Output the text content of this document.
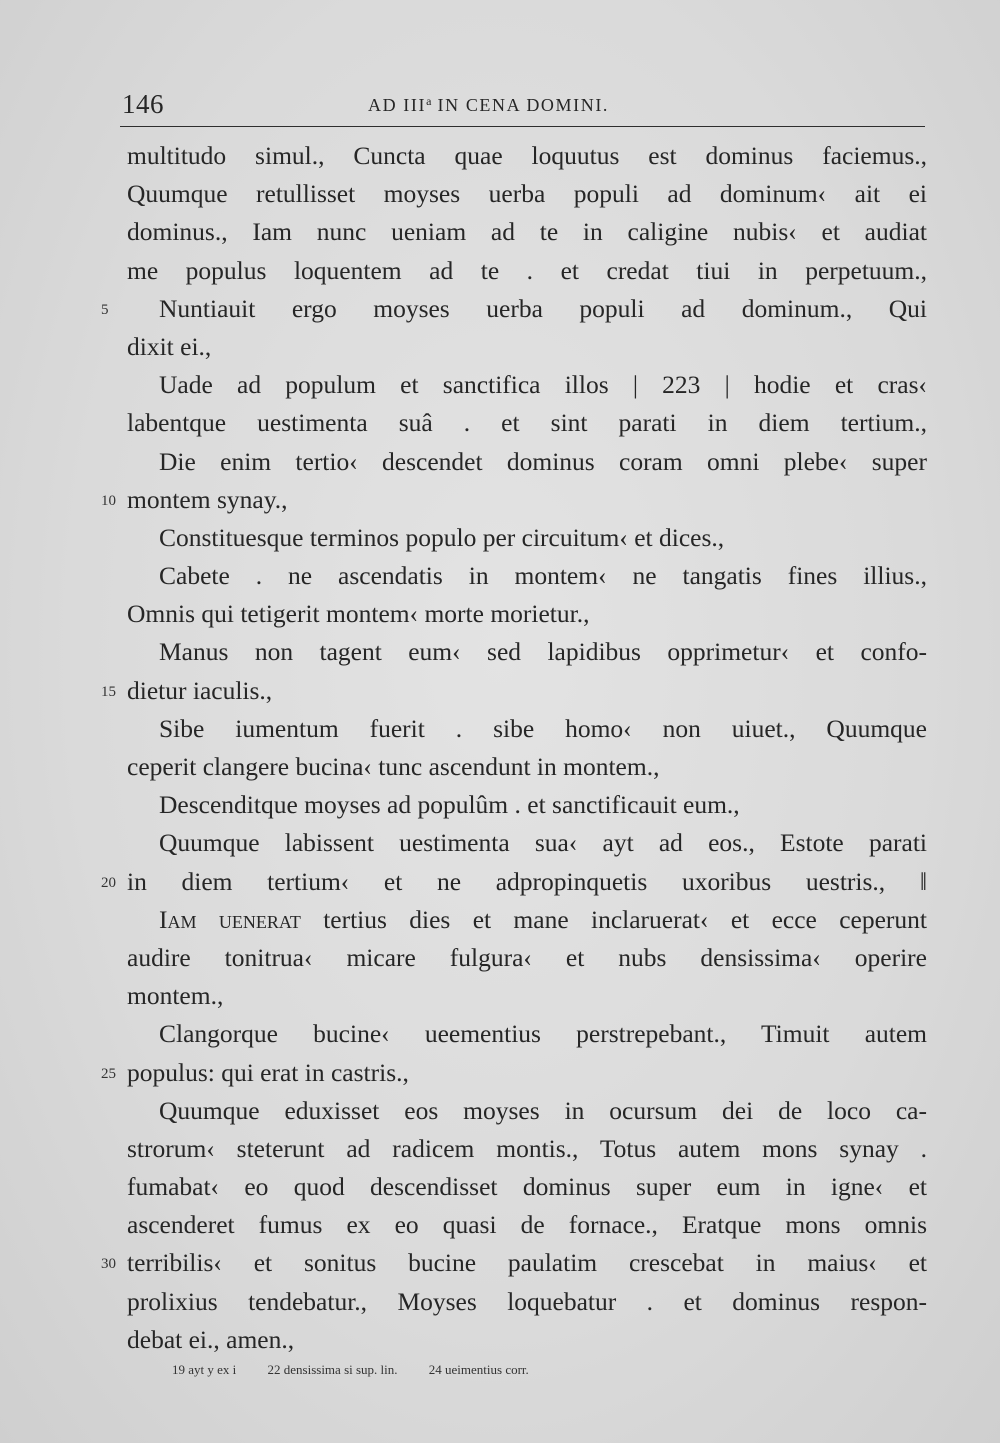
146	AD III$^a$ IN CENA DOMINI.
multitudo simul., Cuncta quae loquutus est dominus faciemus.,
Quumque retullisset moyses uerba populi ad dominum‹ ait ei
dominus., Iam nunc ueniam ad te in caligine nubis‹ et audiat
me populus loquentem ad te . et credat tiui in perpetuum.,
5 Nuntiauit ergo moyses uerba populi ad dominum., Qui
dixit ei.,
Uade ad populum et sanctifica illos | 223 | hodie et cras‹
labentque uestimenta suâ . et sint parati in diem tertium.,
Die enim tertio‹ descendet dominus coram omni plebe‹ super
10 montem synay.,
Constituesque terminos populo per circuitum‹ et dices.,
Cabete . ne ascendatis in montem‹ ne tangatis fines illius.,
Omnis qui tetigerit montem‹ morte morietur.,
Manus non tagent eum‹ sed lapidibus opprimetur‹ et confo-
15 dietur iaculis.,
Sibe iumentum fuerit . sibe homo‹ non uiuet., Quumque
ceperit clangere bucina‹ tunc ascendunt in montem.,
Descenditque moyses ad populûm . et sanctificauit eum.,
Quumque labissent uestimenta sua‹ ayt ad eos., Estote parati
20 in diem tertium‹ et ne adpropinquetis uxoribus uestris., ‖
Iam uenerat tertius dies et mane inclaruerat‹ et ecce ceperunt
audire tonitrua‹ micare fulgura‹ et nubs densissima‹ operire
montem.,
Clangorque bucine‹ ueementius perstrepebant., Timuit autem
25 populus: qui erat in castris.,
Quumque eduxisset eos moyses in ocursum dei de loco ca-
strorum‹ steterunt ad radicem montis., Totus autem mons synay .
fumabat‹ eo quod descendisset dominus super eum in igne‹ et
ascenderet fumus ex eo quasi de fornace., Eratque mons omnis
30 terribilis‹ et sonitus bucine paulatim crescebat in maius‹ et
prolixius tendebatur., Moyses loquebatur . et dominus respon-
debat ei., amen.,
19 ayt y ex i 22 densissima si sup. lin. 24 ueimentius corr.
